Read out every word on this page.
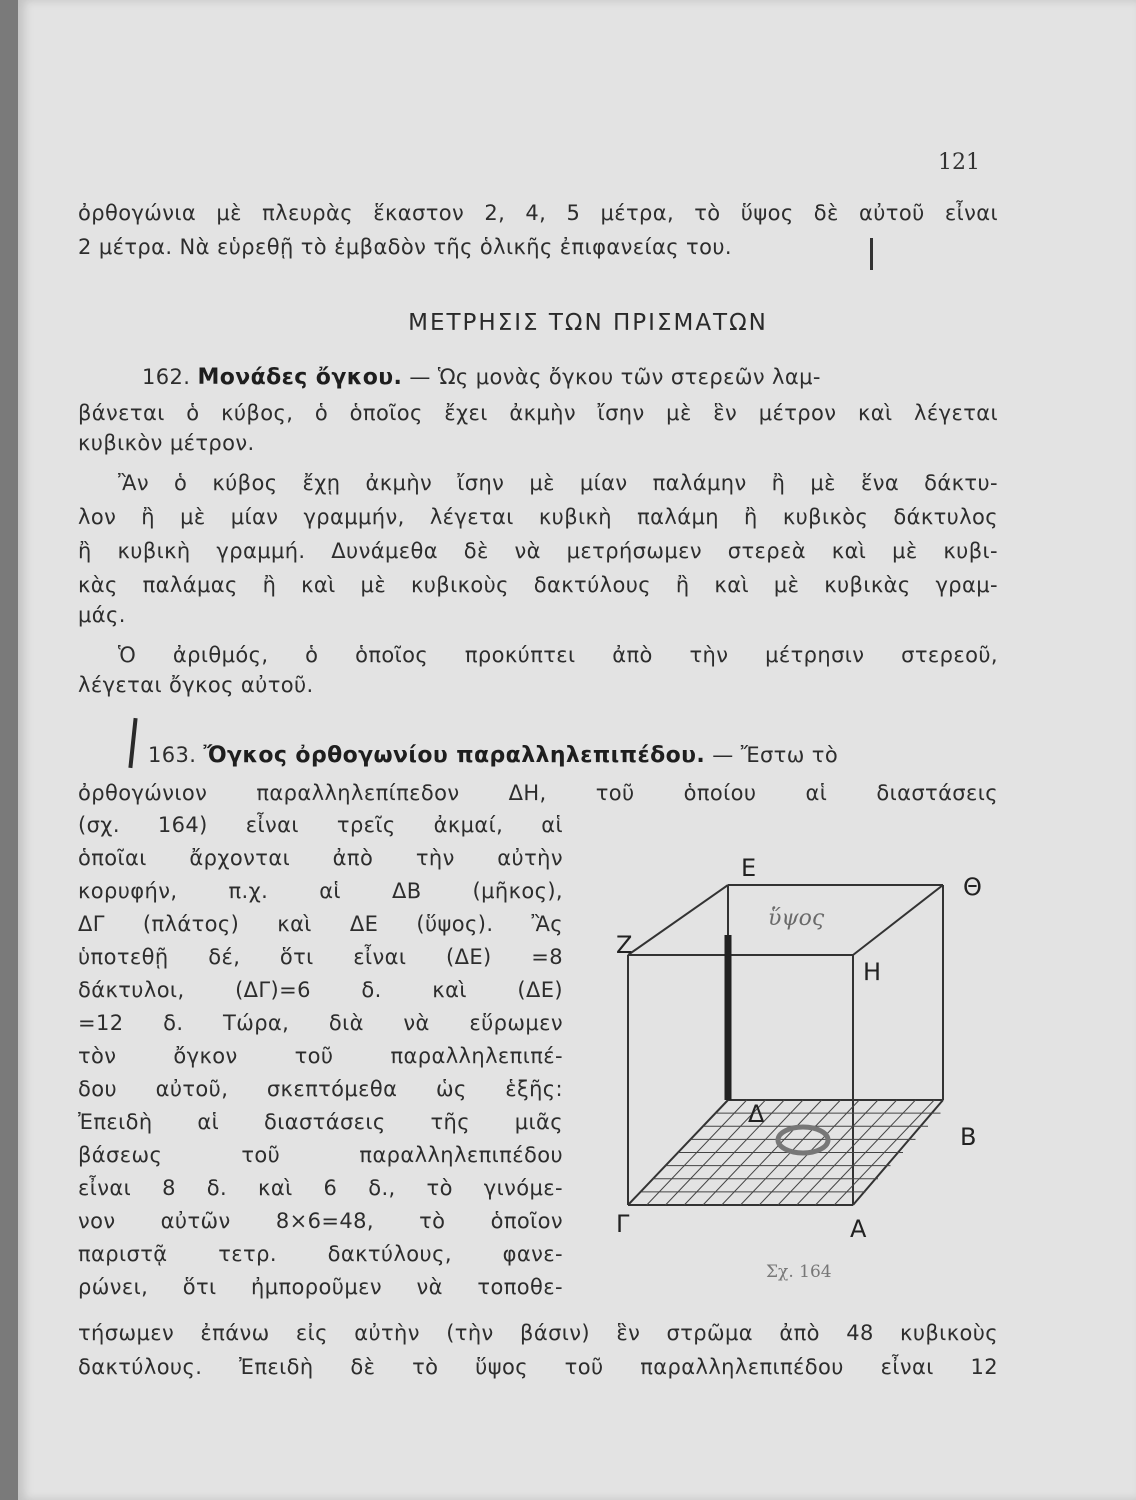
121
ὀρθογώνια μὲ πλευρὰς ἕκαστον 2, 4, 5 μέτρα, τὸ ὕψος δὲ αὐτοῦ εἶναι
2 μέτρα. Νὰ εὑρεθῇ τὸ ἐμβαδὸν τῆς ὁλικῆς ἐπιφανείας του.
ΜΕΤΡΗΣΙΣ ΤΩΝ ΠΡΙΣΜΑΤΩΝ
162. Μονάδες ὄγκου. — Ὡς μονὰς ὄγκου τῶν στερεῶν λαμ-
βάνεται ὁ κύβος, ὁ ὁποῖος ἔχει ἀκμὴν ἴσην μὲ ἓν μέτρον καὶ λέγεται
κυβικὸν μέτρον.
Ἂν ὁ κύβος ἔχῃ ἀκμὴν ἴσην μὲ μίαν παλάμην ἢ μὲ ἕνα δάκτυ-
λον ἢ μὲ μίαν γραμμήν, λέγεται κυβικὴ παλάμη ἢ κυβικὸς δάκτυλος
ἢ κυβικὴ γραμμή. Δυνάμεθα δὲ νὰ μετρήσωμεν στερεὰ καὶ μὲ κυβι-
κὰς παλάμας ἢ καὶ μὲ κυβικοὺς δακτύλους ἢ καὶ μὲ κυβικὰς γραμ-
μάς.
Ὁ ἀριθμός, ὁ ὁποῖος προκύπτει ἀπὸ τὴν μέτρησιν στερεοῦ,
λέγεται ὄγκος αὐτοῦ.
163. Ὄγκος ὀρθογωνίου παραλληλεπιπέδου. — Ἔστω τὸ
ὀρθογώνιον παραλληλεπίπεδον ΔΗ, τοῦ ὁποίου αἱ διαστάσεις
(σχ. 164) εἶναι τρεῖς ἀκμαί, αἱ
ὁποῖαι ἄρχονται ἀπὸ τὴν αὐτὴν
κορυφήν, π.χ. αἱ ΔΒ (μῆκος),
ΔΓ (πλάτος) καὶ ΔΕ (ὕψος). Ἂς
ὑποτεθῇ δέ, ὅτι εἶναι (ΔΕ) =8
δάκτυλοι, (ΔΓ)=6 δ. καὶ (ΔΕ)
=12 δ. Τώρα, διὰ νὰ εὕρωμεν
τὸν ὄγκον τοῦ παραλληλεπιπέ-
δου αὐτοῦ, σκεπτόμεθα ὡς ἑξῆς:
Ἐπειδὴ αἱ διαστάσεις τῆς μιᾶς
βάσεως τοῦ παραλληλεπιπέδου
εἶναι 8 δ. καὶ 6 δ., τὸ γινόμε-
νον αὐτῶν 8×6=48, τὸ ὁποῖον
παριστᾷ τετρ. δακτύλους, φανε-
ρώνει, ὅτι ἠμποροῦμεν νὰ τοποθε-
τήσωμεν ἐπάνω εἰς αὐτὴν (τὴν βάσιν) ἓν στρῶμα ἀπὸ 48 κυβικοὺς
δακτύλους. Ἐπειδὴ δὲ τὸ ὕψος τοῦ παραλληλεπιπέδου εἶναι 12
Ε
Θ
Ζ
Η
Δ
Β
Γ	Α
ὕψος
Σχ. 164
